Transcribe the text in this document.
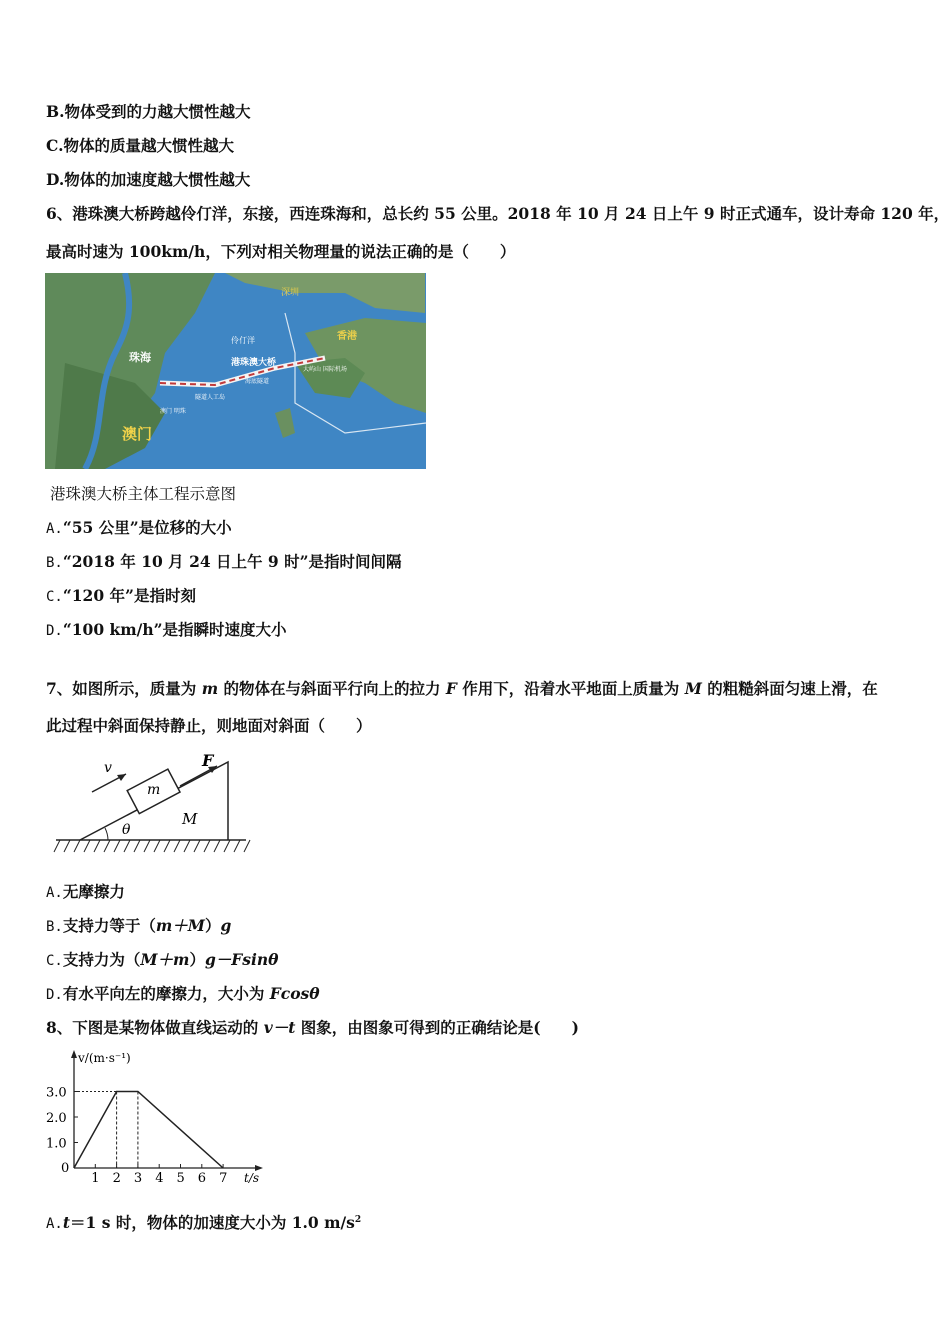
B.物体受到的力越大惯性越大
C.物体的质量越大惯性越大
D.物体的加速度越大惯性越大
6、港珠澳大桥跨越伶仃洋，东接，西连珠海和，总长约 55 公里。2018 年 10 月 24 日上午 9 时正式通车，设计寿命 120 年，
最高时速为 100km/h，下列对相关物理量的说法正确的是（　　）
深圳
伶仃洋	香港
珠海	港珠澳大桥
澳门
大屿山 国际机场
海底隧道
隧道人工岛
澳门 明珠
港珠澳大桥主体工程示意图
A.“55 公里”是位移的大小
B.“2018 年 10 月 24 日上午 9 时”是指时间间隔
C.“120 年”是指时刻
D.“100 km/h”是指瞬时速度大小
7、如图所示，质量为 m 的物体在与斜面平行向上的拉力 F 作用下，沿着水平地面上质量为 M 的粗糙斜面匀速上滑，在
此过程中斜面保持静止，则地面对斜面（　　）
v	F
m
M
θ
A.无摩擦力
B.支持力等于（m＋M）g
C.支持力为（M＋m）g－Fsinθ
D.有水平向左的摩擦力，大小为 Fcosθ
8、下图是某物体做直线运动的 v－t 图象，由图象可得到的正确结论是(　　)
v/(m·s⁻¹)
t/s
0
1.0
2.0
3.0
1 2 3 4 5 6 7
A.t＝1 s 时，物体的加速度大小为 1.0 $m/s^2$
